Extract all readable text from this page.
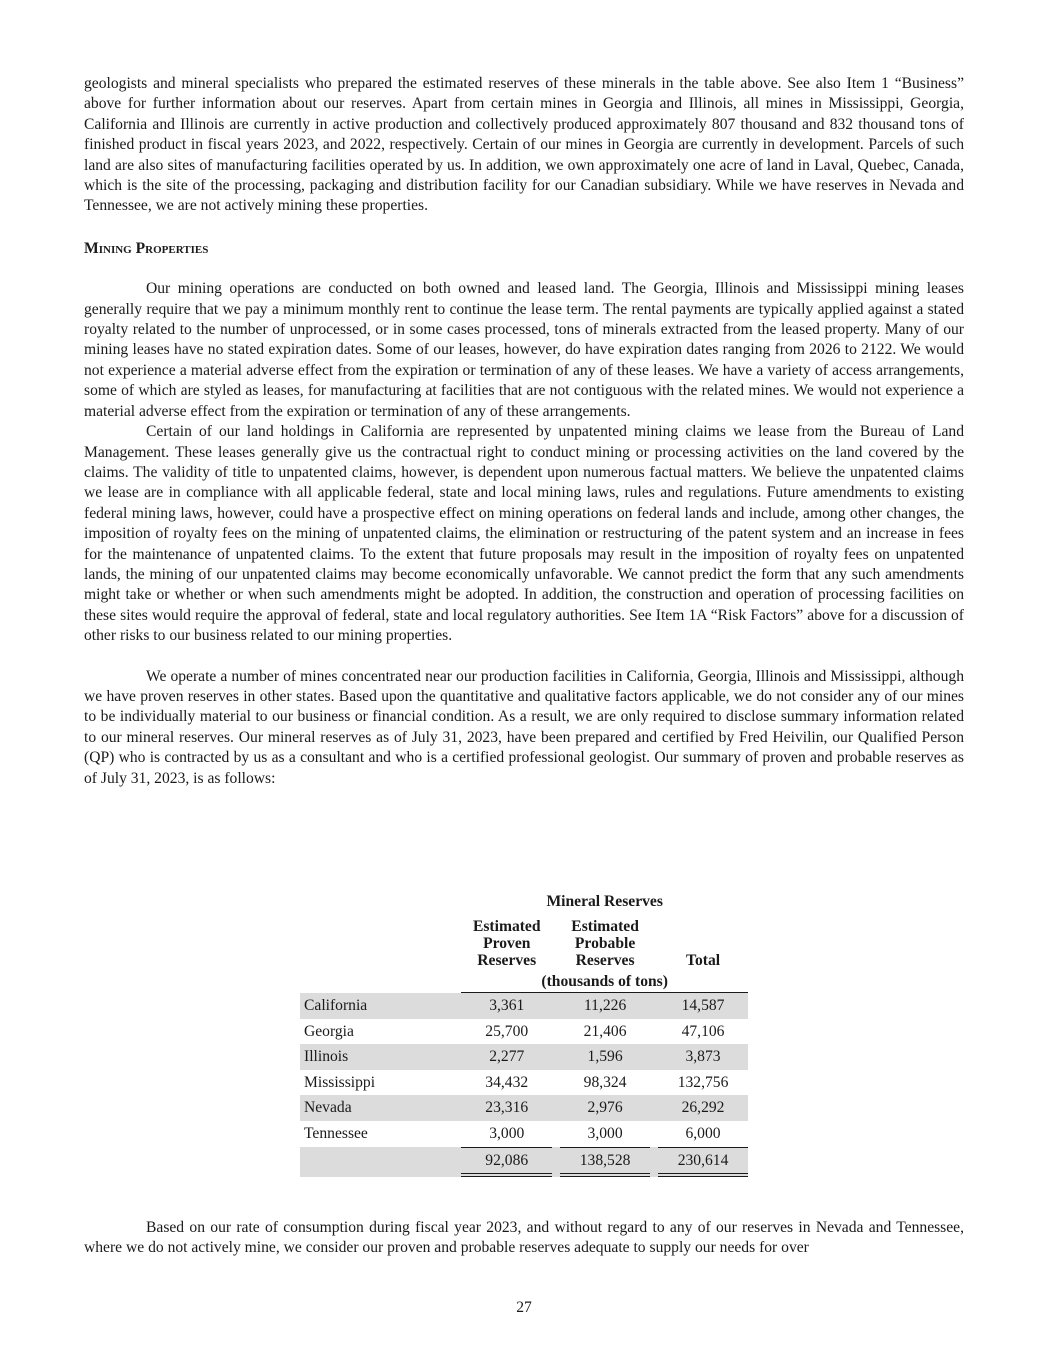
geologists and mineral specialists who prepared the estimated reserves of these minerals in the table above. See also Item 1 “Business” above for further information about our reserves. Apart from certain mines in Georgia and Illinois, all mines in Mississippi, Georgia, California and Illinois are currently in active production and collectively produced approximately 807 thousand and 832 thousand tons of finished product in fiscal years 2023, and 2022, respectively. Certain of our mines in Georgia are currently in development. Parcels of such land are also sites of manufacturing facilities operated by us. In addition, we own approximately one acre of land in Laval, Quebec, Canada, which is the site of the processing, packaging and distribution facility for our Canadian subsidiary. While we have reserves in Nevada and Tennessee, we are not actively mining these properties.

Mining Properties

Our mining operations are conducted on both owned and leased land. The Georgia, Illinois and Mississippi mining leases generally require that we pay a minimum monthly rent to continue the lease term. The rental payments are typically applied against a stated royalty related to the number of unprocessed, or in some cases processed, tons of minerals extracted from the leased property. Many of our mining leases have no stated expiration dates. Some of our leases, however, do have expiration dates ranging from 2026 to 2122. We would not experience a material adverse effect from the expiration or termination of any of these leases. We have a variety of access arrangements, some of which are styled as leases, for manufacturing at facilities that are not contiguous with the related mines. We would not experience a material adverse effect from the expiration or termination of any of these arrangements.

Certain of our land holdings in California are represented by unpatented mining claims we lease from the Bureau of Land Management. These leases generally give us the contractual right to conduct mining or processing activities on the land covered by the claims. The validity of title to unpatented claims, however, is dependent upon numerous factual matters. We believe the unpatented claims we lease are in compliance with all applicable federal, state and local mining laws, rules and regulations. Future amendments to existing federal mining laws, however, could have a prospective effect on mining operations on federal lands and include, among other changes, the imposition of royalty fees on the mining of unpatented claims, the elimination or restructuring of the patent system and an increase in fees for the maintenance of unpatented claims. To the extent that future proposals may result in the imposition of royalty fees on unpatented lands, the mining of our unpatented claims may become economically unfavorable. We cannot predict the form that any such amendments might take or whether or when such amendments might be adopted. In addition, the construction and operation of processing facilities on these sites would require the approval of federal, state and local regulatory authorities. See Item 1A “Risk Factors” above for a discussion of other risks to our business related to our mining properties.

We operate a number of mines concentrated near our production facilities in California, Georgia, Illinois and Mississippi, although we have proven reserves in other states. Based upon the quantitative and qualitative factors applicable, we do not consider any of our mines to be individually material to our business or financial condition. As a result, we are only required to disclose summary information related to our mineral reserves. Our mineral reserves as of July 31, 2023, have been prepared and certified by Fred Heivilin, our Qualified Person (QP) who is contracted by us as a consultant and who is a certified professional geologist. Our summary of proven and probable reserves as of July 31, 2023, is as follows:

	Mineral Reserves				

Estimated
Proven
Reserves

Estimated
Probable
Reserves		Total

	(thousands of tons)				
California	3,361		11,226		14,587
Georgia	25,700		21,406		47,106
Illinois	2,277		1,596		3,873
Mississippi	34,432		98,324		132,756
Nevada	23,316		2,976		26,292
Tennessee	3,000		3,000		6,000
	92,086		138,528		230,614
27

Based on our rate of consumption during fiscal year 2023, and without regard to any of our reserves in Nevada and Tennessee, where we do not actively mine, we consider our proven and probable reserves adequate to supply our needs for over
